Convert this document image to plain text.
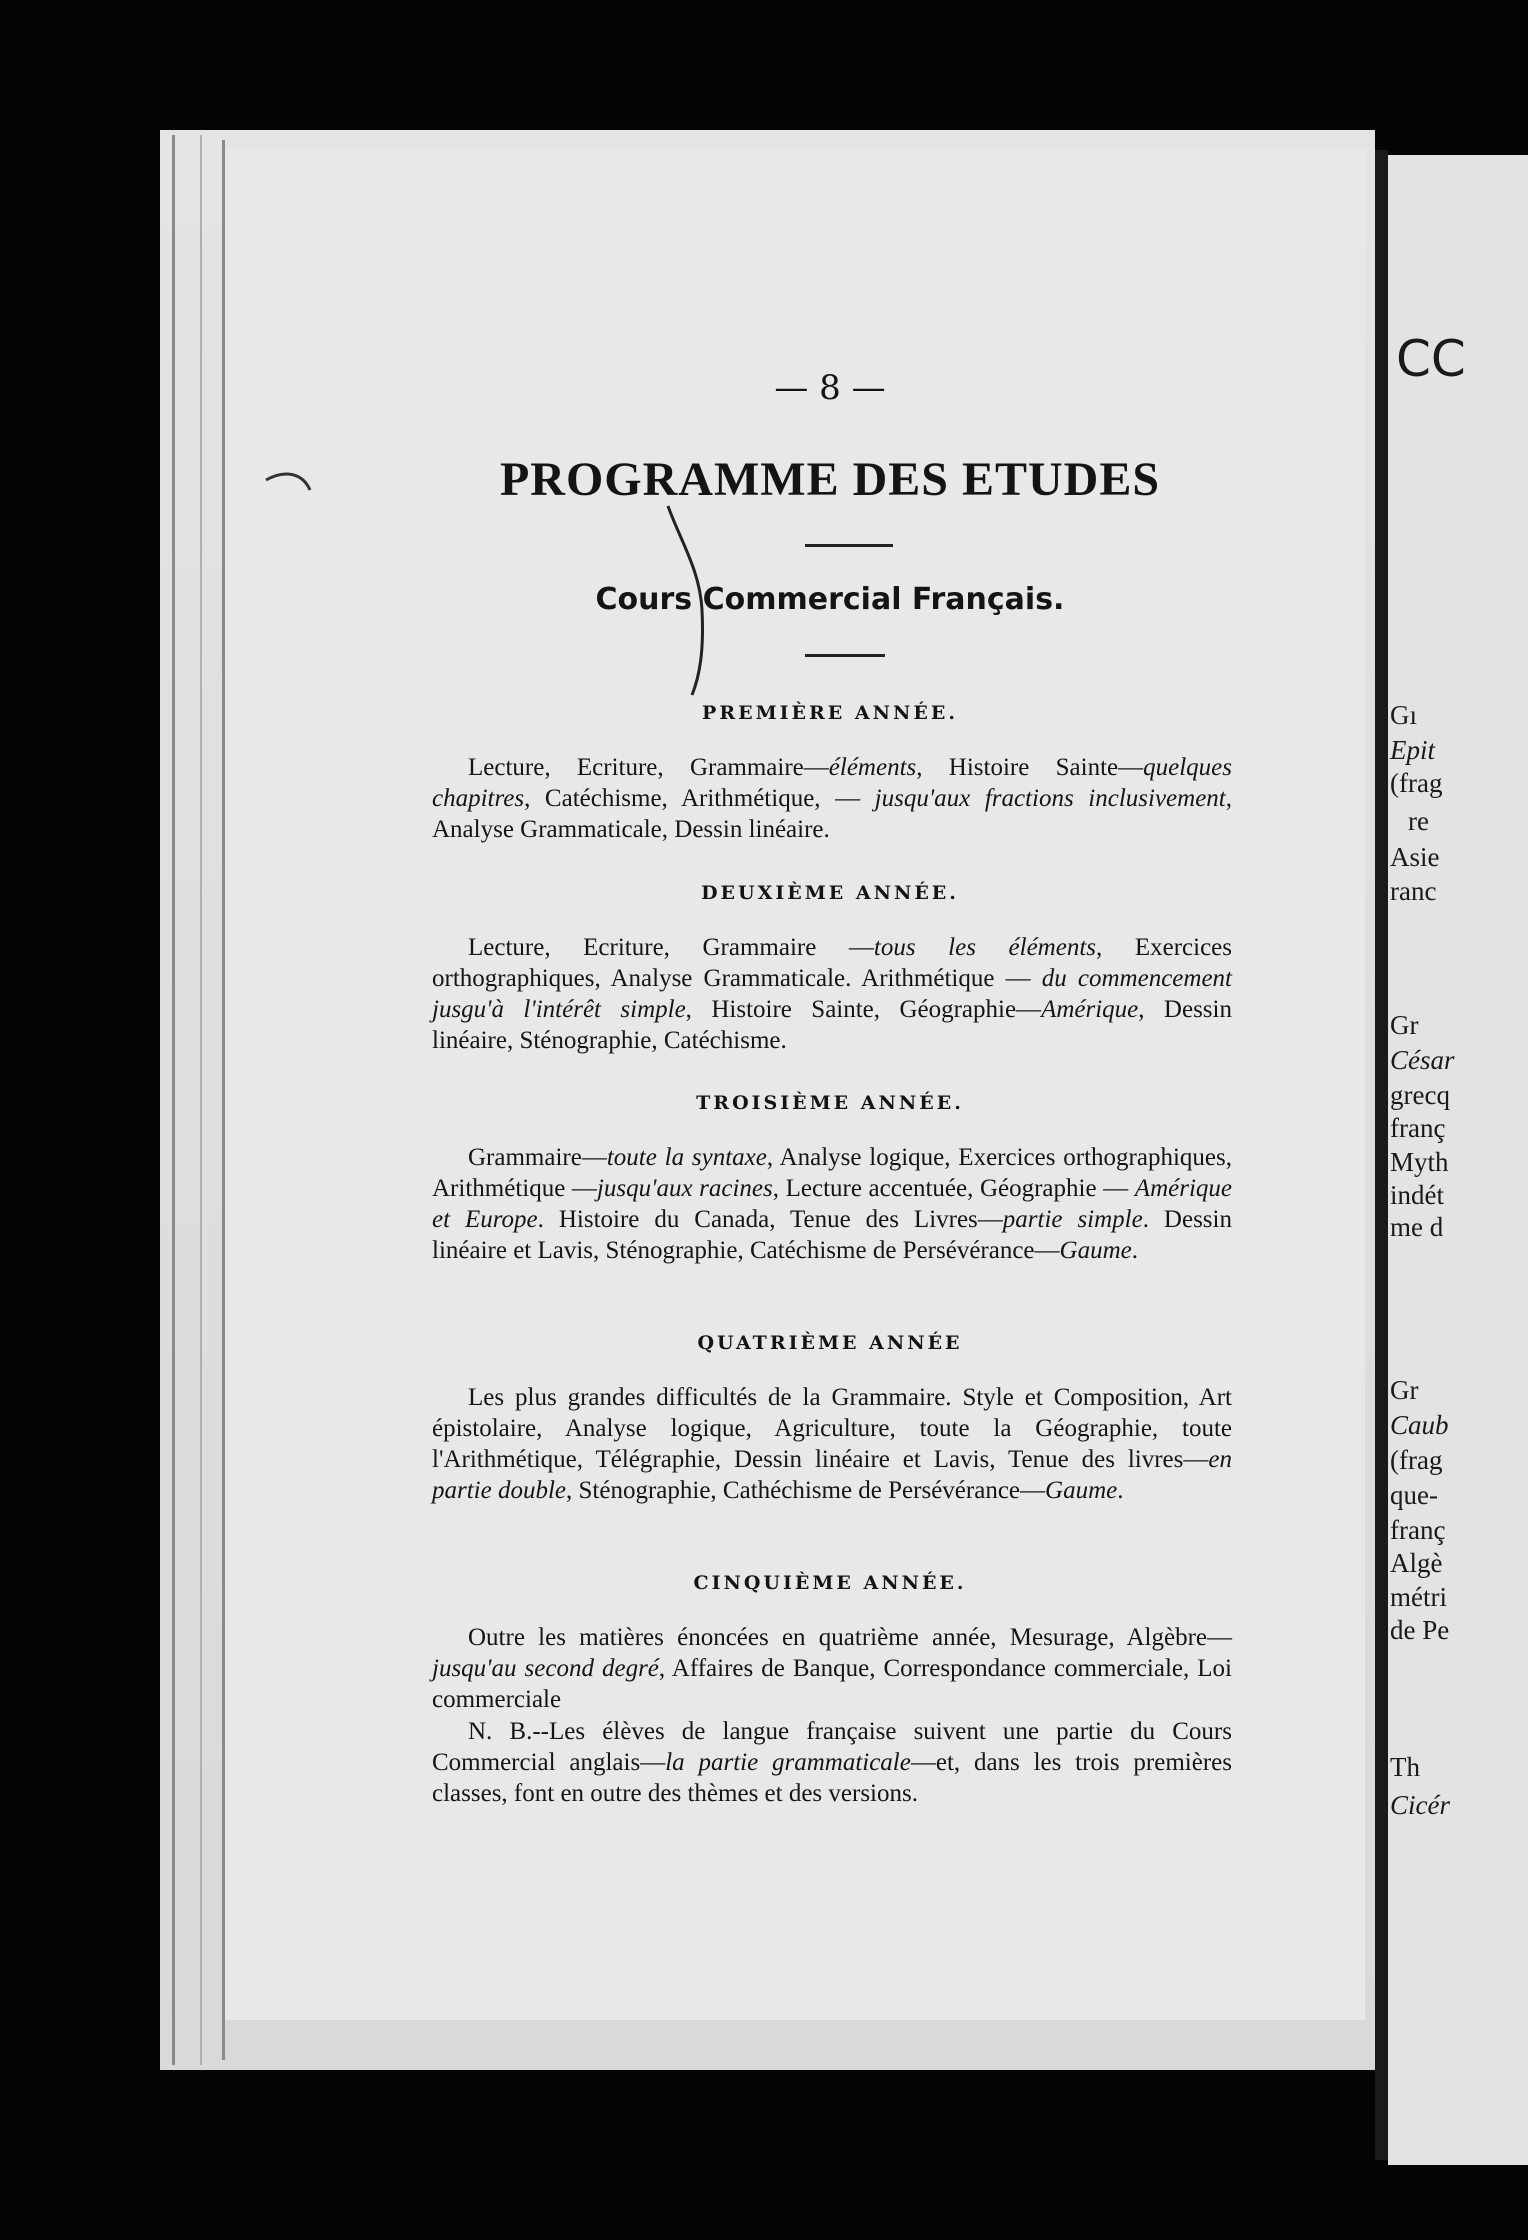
CC
Gı
Epit
(frag
re
Asie
ranc
Gr
César
grecq
franç
Myth
indét
me d
Gr
Caub
(frag
que-
franç
Algè
métri
de Pe
Th
Cicér
— 8 —
PROGRAMME DES ETUDES
Cours Commercial Français.
PREMIÈRE ANNÉE.
Lecture, Ecriture, Grammaire—éléments, Histoire Sainte—quelques chapitres, Catéchisme, Arithmétique, — jusqu'aux fractions inclusivement, Analyse Grammaticale, Dessin linéaire.
DEUXIÈME ANNÉE.
Lecture, Ecriture, Grammaire —tous les éléments, Exercices orthographiques, Analyse Grammaticale. Arithmétique — du commencement jusgu'à l'intérêt simple, Histoire Sainte, Géographie—Amérique, Dessin linéaire, Sténographie, Catéchisme.
TROISIÈME ANNÉE.
Grammaire—toute la syntaxe, Analyse logique, Exercices orthographiques, Arithmétique —jusqu'aux racines, Lecture accentuée, Géographie — Amérique et Europe. Histoire du Canada, Tenue des Livres—partie simple. Dessin linéaire et Lavis, Sténographie, Catéchisme de Persévérance—Gaume.
QUATRIÈME ANNÉE
Les plus grandes difficultés de la Grammaire. Style et Composition, Art épistolaire, Analyse logique, Agriculture, toute la Géographie, toute l'Arithmétique, Télégraphie, Dessin linéaire et Lavis, Tenue des livres—en partie double, Sténographie, Cathéchisme de Persévérance—Gaume.
CINQUIÈME ANNÉE.
Outre les matières énoncées en quatrième année, Mesurage, Algèbre—jusqu'au second degré, Affaires de Banque, Correspondance commerciale, Loi commerciale
N. B.--Les élèves de langue française suivent une partie du Cours Commercial anglais—la partie grammaticale—et, dans les trois premières classes, font en outre des thèmes et des versions.
